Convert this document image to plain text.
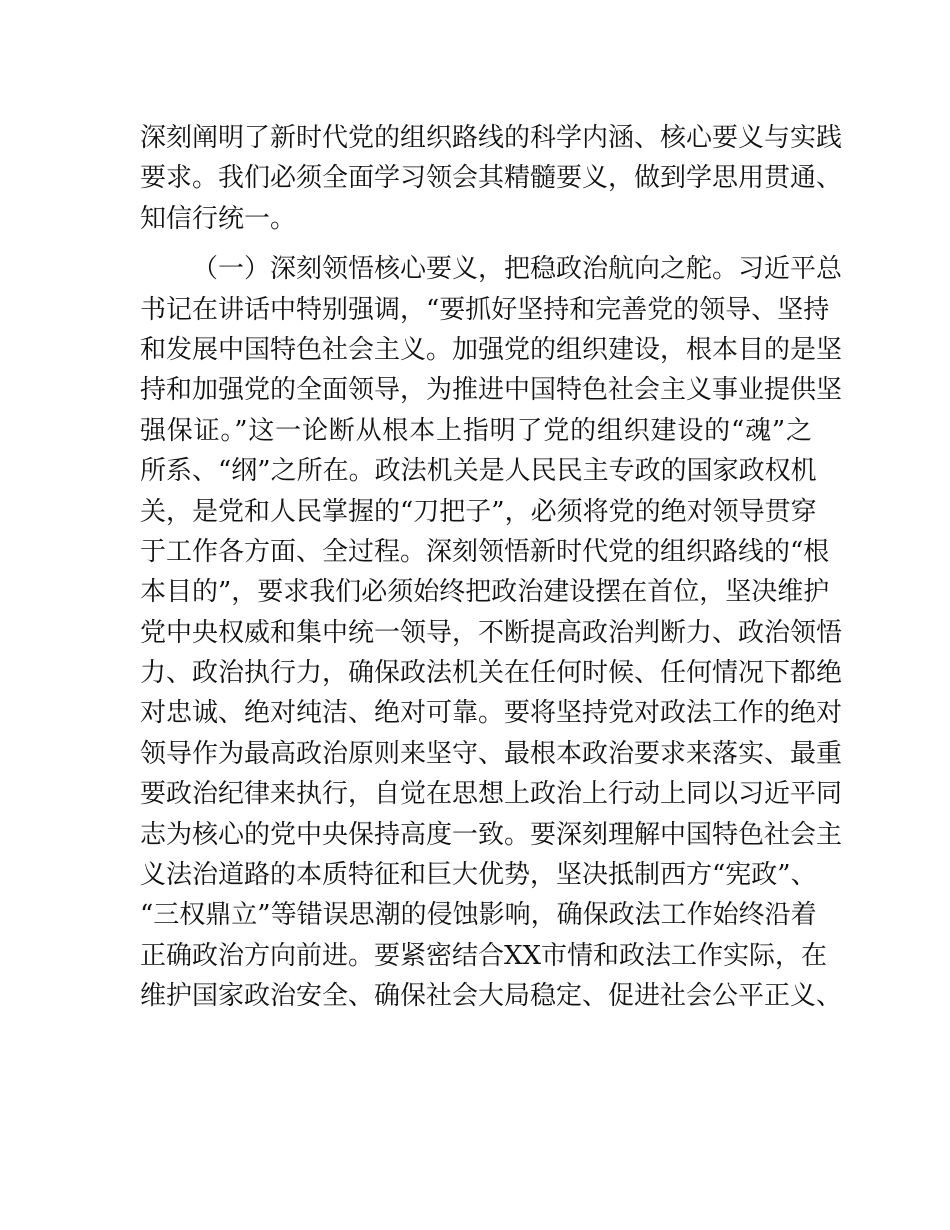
深刻阐明了新时代党的组织路线的科学内涵、核心要义与实践
要求。我们必须全面学习领会其精髓要义，做到学思用贯通、
知信行统一。
（一）深刻领悟核心要义，把稳政治航向之舵。习近平总
书记在讲话中特别强调，“要抓好坚持和完善党的领导、坚持
和发展中国特色社会主义。加强党的组织建设，根本目的是坚
持和加强党的全面领导，为推进中国特色社会主义事业提供坚
强保证。”这一论断从根本上指明了党的组织建设的“魂”之
所系、“纲”之所在。政法机关是人民民主专政的国家政权机
关，是党和人民掌握的“刀把子”，必须将党的绝对领导贯穿
于工作各方面、全过程。深刻领悟新时代党的组织路线的“根
本目的”，要求我们必须始终把政治建设摆在首位，坚决维护
党中央权威和集中统一领导，不断提高政治判断力、政治领悟
力、政治执行力，确保政法机关在任何时候、任何情况下都绝
对忠诚、绝对纯洁、绝对可靠。要将坚持党对政法工作的绝对
领导作为最高政治原则来坚守、最根本政治要求来落实、最重
要政治纪律来执行，自觉在思想上政治上行动上同以习近平同
志为核心的党中央保持高度一致。要深刻理解中国特色社会主
义法治道路的本质特征和巨大优势，坚决抵制西方“宪政”、
“三权鼎立”等错误思潮的侵蚀影响，确保政法工作始终沿着
正确政治方向前进。要紧密结合XX市情和政法工作实际，在
维护国家政治安全、确保社会大局稳定、促进社会公平正义、
